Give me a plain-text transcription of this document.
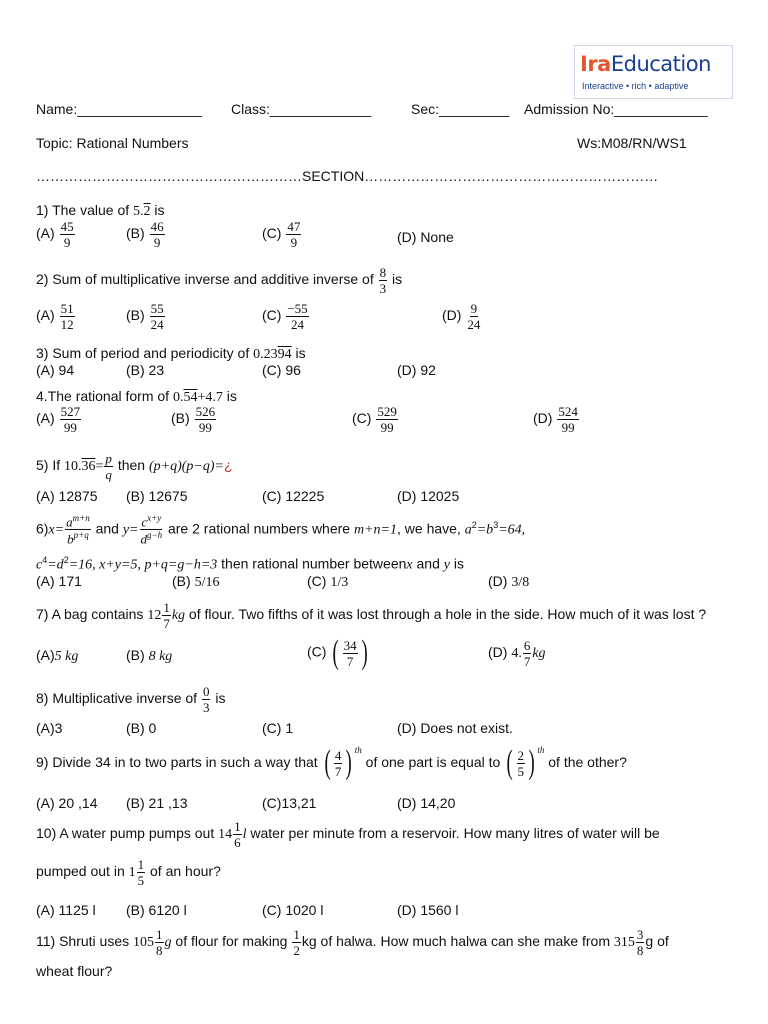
IraEducation
Interactive • rich • adaptive
Name:________________ Class:_____________	Sec:_________ Admission No:____________
Topic: Rational Numbers	Ws:M08/RN/WS1
…………………………………………………SECTION………………………………………………………
1) The value of 5.2 is
$(A) \frac{45}{9}$	$(B) \frac{46}{9}$	$(C) \frac{47}{9}$	(D) None
2) Sum of multiplicative inverse and additive inverse of $\frac{8}{3}$ is
$(A) \frac{51}{12}$	$(B) \frac{55}{24}$	$(C) \frac{-55}{24}$	$(D) \frac{9}{24}$
3) Sum of period and periodicity of 0.2394 is
(A) 94	(B) 23	(C) 96	(D) 92
4.The rational form of 0.54+4.7 is
$(A) \frac{527}{99}$	$(B) \frac{526}{99}$	$(C) \frac{529}{99}$	$(D) \frac{524}{99}$
5) If $10.36= \frac{p}{q}$ then (p+q)(p−q)=¿
(A) 12875 (B) 12675	(C) 12225	(D) 12025
$6)x= \frac{a^{m+n}}{b^{p+q}}$ and $y= \frac{c^{x+y}}{d^{g-h}}$ are 2 rational numbers where m+n=1, we have, $a^2=b^3=64$,
$c^4=d^2=16$, x+y=5, p+q=g−h=3 then rational number betweenx and y is
(A) 171	(B) 5/16	(C) 1/3	(D) 3/8
7) A bag contains $12 \frac{1}{7}$ kg of flour. Two fifths of it was lost through a hole in the side. How much of it was lost ?
(A)5 kg	(B) 8 kg	(C) ( $\frac{34}{7}$ )	(D) 4. $\frac{6}{7}$ kg
8) Multiplicative inverse of $\frac{0}{3}$ is
(A)3	(B) 0	(C) 1	(D) Does not exist.
9) Divide 34 in to two parts in such a way that ( $\frac{4}{7}$ ) $^{th}$ of one part is equal to ( $\frac{2}{5}$ ) $^{th}$ of the other?
(A) 20 ,14 (B) 21 ,13	(C)13,21	(D) 14,20
10) A water pump pumps out $14 \frac{1}{6}$ l water per minute from a reservoir. How many litres of water will be
pumped out in $1 \frac{1}{5}$ of an hour?
(A) 1125 l (B) 6120 l	(C) 1020 l	(D) 1560 l
11) Shruti uses $105 \frac{1}{8}$ g of flour for making $\frac{1}{2}$ kg of halwa. How much halwa can she make from $315 \frac{3}{8}$ g of
wheat flour?
